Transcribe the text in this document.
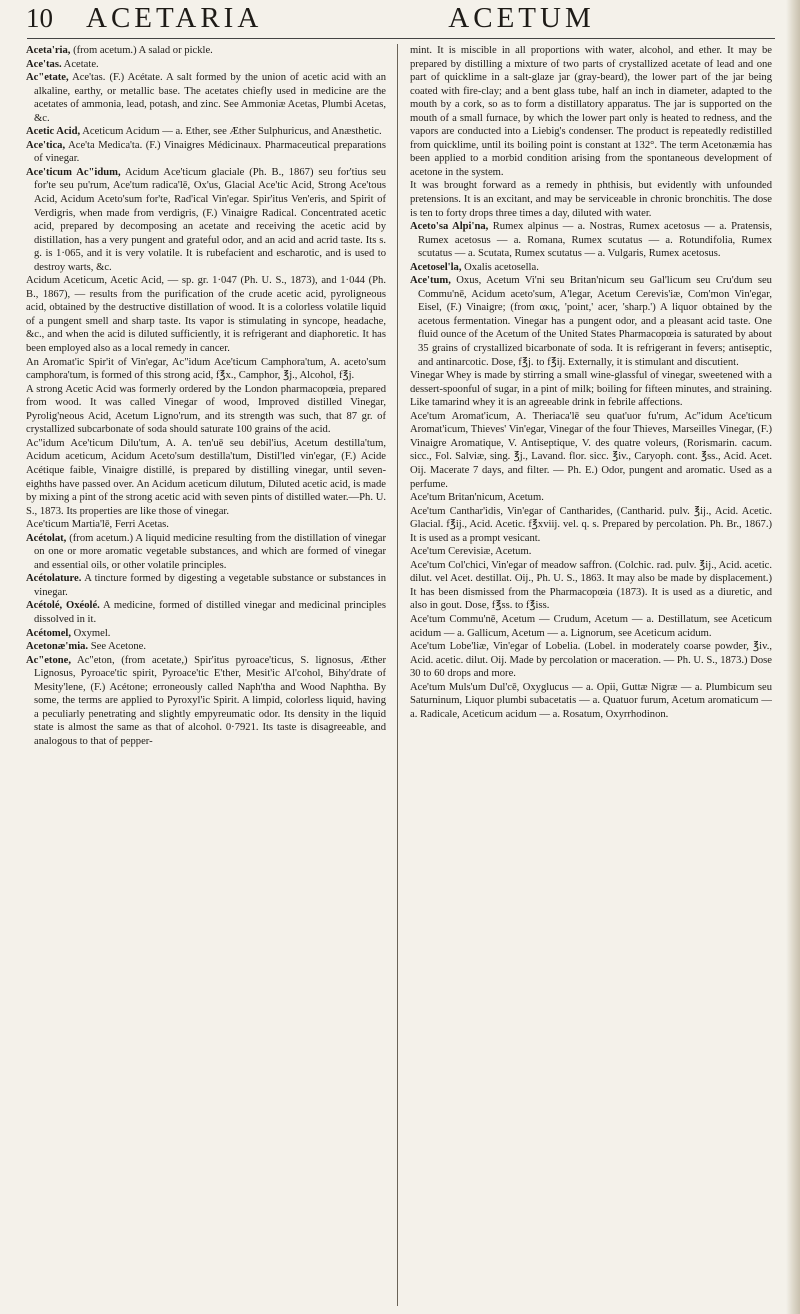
10	ACETARIA	ACETUM

Aceta'ria, (from acetum.) A salad or pickle.

Ace'tas. Acetate.

Ac"etate, Ace'tas. (F.) Acétate. A salt formed by the union of acetic acid with an alkaline, earthy, or metallic base. The acetates chiefly used in medicine are the acetates of ammonia, lead, potash, and zinc. See Ammoniæ Acetas, Plumbi Acetas, &c.

Acetic Acid, Aceticum Acidum — a. Ether, see Æther Sulphuricus, and Anæsthetic.

Ace'tica, Ace'ta Medica'ta. (F.) Vinaigres Médicinaux. Pharmaceutical preparations of vinegar.

Ace'ticum Ac"idum, Acidum Ace'ticum glaciale (Ph. B., 1867) seu for'tius seu for'te seu pu'rum, Ace'tum radica'lē, Ox'us, Glacial Ace'tic Acid, Strong Ace'tous Acid, Acidum Aceto'sum for'te, Rad'ical Vin'egar. Spir'itus Ven'eris, and Spirit of Verdigris, when made from verdigris, (F.) Vinaigre Radical. Concentrated acetic acid, prepared by decomposing an acetate and receiving the acetic acid by distillation, has a very pungent and grateful odor, and an acid and acrid taste. Its s. g. is 1·065, and it is very volatile. It is rubefacient and escharotic, and is used to destroy warts, &c.

Acidum Aceticum, Acetic Acid, — sp. gr. 1·047 (Ph. U. S., 1873), and 1·044 (Ph. B., 1867), — results from the purification of the crude acetic acid, pyroligneous acid, obtained by the destructive distillation of wood. It is a colorless volatile liquid of a pungent smell and sharp taste. Its vapor is stimulating in syncope, headache, &c., and when the acid is diluted sufficiently, it is refrigerant and diaphoretic. It has been employed also as a local remedy in cancer.

An Aromat'ic Spir'it of Vin'egar, Ac"idum Ace'ticum Camphora'tum, A. aceto'sum camphora'tum, is formed of this strong acid, f℥x., Camphor, ℥j., Alcohol, f℥j.

A strong Acetic Acid was formerly ordered by the London pharmacopœia, prepared from wood. It was called Vinegar of wood, Improved distilled Vinegar, Pyrolig'neous Acid, Acetum Ligno'rum, and its strength was such, that 87 gr. of crystallized subcarbonate of soda should saturate 100 grains of the acid.

Ac"idum Ace'ticum Dilu'tum, A. A. ten'uē seu debil'ius, Acetum destilla'tum, Acidum aceticum, Acidum Aceto'sum destilla'tum, Distil'led vin'egar, (F.) Acide Acétique faible, Vinaigre distillé, is prepared by distilling vinegar, until seven-eighths have passed over. An Acidum aceticum dilutum, Diluted acetic acid, is made by mixing a pint of the strong acetic acid with seven pints of distilled water.—Ph. U. S., 1873. Its properties are like those of vinegar.

Ace'ticum Martia'lē, Ferri Acetas.

Acétolat, (from acetum.) A liquid medicine resulting from the distillation of vinegar on one or more aromatic vegetable substances, and which are formed of vinegar and essential oils, or other volatile principles.

Acétolature. A tincture formed by digesting a vegetable substance or substances in vinegar.

Acétolé, Oxéolé. A medicine, formed of distilled vinegar and medicinal principles dissolved in it.

Acétomel, Oxymel.

Acetonæ'mia. See Acetone.

Ac"etone, Ac"eton, (from acetate,) Spir'itus pyroace'ticus, S. lignosus, Æther Lignosus, Pyroace'tic spirit, Pyroace'tic E'ther, Mesit'ic Al'cohol, Bihy'drate of Mesity'lene, (F.) Acétone; erroneously called Naph'tha and Wood Naphtha. By some, the terms are applied to Pyroxyl'ic Spirit. A limpid, colorless liquid, having a peculiarly penetrating and slightly empyreumatic odor. Its density in the liquid state is almost the same as that of alcohol. 0·7921. Its taste is disagreeable, and analogous to that of pepper-

mint. It is miscible in all proportions with water, alcohol, and ether. It may be prepared by distilling a mixture of two parts of crystallized acetate of lead and one part of quicklime in a salt-glaze jar (gray-beard), the lower part of the jar being coated with fire-clay; and a bent glass tube, half an inch in diameter, adapted to the mouth by a cork, so as to form a distillatory apparatus. The jar is supported on the mouth of a small furnace, by which the lower part only is heated to redness, and the vapors are conducted into a Liebig's condenser. The product is repeatedly redistilled from quicklime, until its boiling point is constant at 132°. The term Acetonæmia has been applied to a morbid condition arising from the spontaneous development of acetone in the system.

It was brought forward as a remedy in phthisis, but evidently with unfounded pretensions. It is an excitant, and may be serviceable in chronic bronchitis. The dose is ten to forty drops three times a day, diluted with water.

Aceto'sa Alpi'na, Rumex alpinus — a. Nostras, Rumex acetosus — a. Pratensis, Rumex acetosus — a. Romana, Rumex scutatus — a. Rotundifolia, Rumex scutatus — a. Scutata, Rumex scutatus — a. Vulgaris, Rumex acetosus.

Acetosel'la, Oxalis acetosella.

Ace'tum, Oxus, Acetum Vi'ni seu Britan'nicum seu Gal'licum seu Cru'dum seu Commu'nē, Acidum aceto'sum, A'legar, Acetum Cerevis'iæ, Com'mon Vin'egar, Eisel, (F.) Vinaigre; (from ακις, 'point,' acer, 'sharp.') A liquor obtained by the acetous fermentation. Vinegar has a pungent odor, and a pleasant acid taste. One fluid ounce of the Acetum of the United States Pharmacopœia is saturated by about 35 grains of crystallized bicarbonate of soda. It is refrigerant in fevers; antiseptic, and antinarcotic. Dose, f℥j. to f℥ij. Externally, it is stimulant and discutient.

Vinegar Whey is made by stirring a small wine-glassful of vinegar, sweetened with a dessert-spoonful of sugar, in a pint of milk; boiling for fifteen minutes, and straining. Like tamarind whey it is an agreeable drink in febrile affections.

Ace'tum Aromat'icum, A. Theriaca'lē seu quat'uor fu'rum, Ac"idum Ace'ticum Aromat'icum, Thieves' Vin'egar, Vinegar of the four Thieves, Marseilles Vinegar, (F.) Vinaigre Aromatique, V. Antiseptique, V. des quatre voleurs, (Rorismarin. cacum. sicc., Fol. Salviæ, sing. ℥j., Lavand. flor. sicc. ℥iv., Caryoph. cont. ℥ss., Acid. Acet. Oij. Macerate 7 days, and filter. — Ph. E.) Odor, pungent and aromatic. Used as a perfume.

Ace'tum Britan'nicum, Acetum.

Ace'tum Canthar'idis, Vin'egar of Cantharides, (Cantharid. pulv. ℥ij., Acid. Acetic. Glacial. f℥ij., Acid. Acetic. f℥xviij. vel. q. s. Prepared by percolation. Ph. Br., 1867.) It is used as a prompt vesicant.

Ace'tum Cerevisiæ, Acetum.

Ace'tum Col'chici, Vin'egar of meadow saffron. (Colchic. rad. pulv. ℥ij., Acid. acetic. dilut. vel Acet. destillat. Oij., Ph. U. S., 1863. It may also be made by displacement.) It has been dismissed from the Pharmacopœia (1873). It is used as a diuretic, and also in gout. Dose, f℥ss. to f℥iss.

Ace'tum Commu'nē, Acetum — Crudum, Acetum — a. Destillatum, see Aceticum acidum — a. Gallicum, Acetum — a. Lignorum, see Aceticum acidum.

Ace'tum Lobe'liæ, Vin'egar of Lobelia. (Lobel. in moderately coarse powder, ℥iv., Acid. acetic. dilut. Oij. Made by percolation or maceration. — Ph. U. S., 1873.) Dose 30 to 60 drops and more.

Ace'tum Muls'um Dul'cē, Oxyglucus — a. Opii, Guttæ Nigræ — a. Plumbicum seu Saturninum, Liquor plumbi subacetatis — a. Quatuor furum, Acetum aromaticum — a. Radicale, Aceticum acidum — a. Rosatum, Oxyrrhodinon.
